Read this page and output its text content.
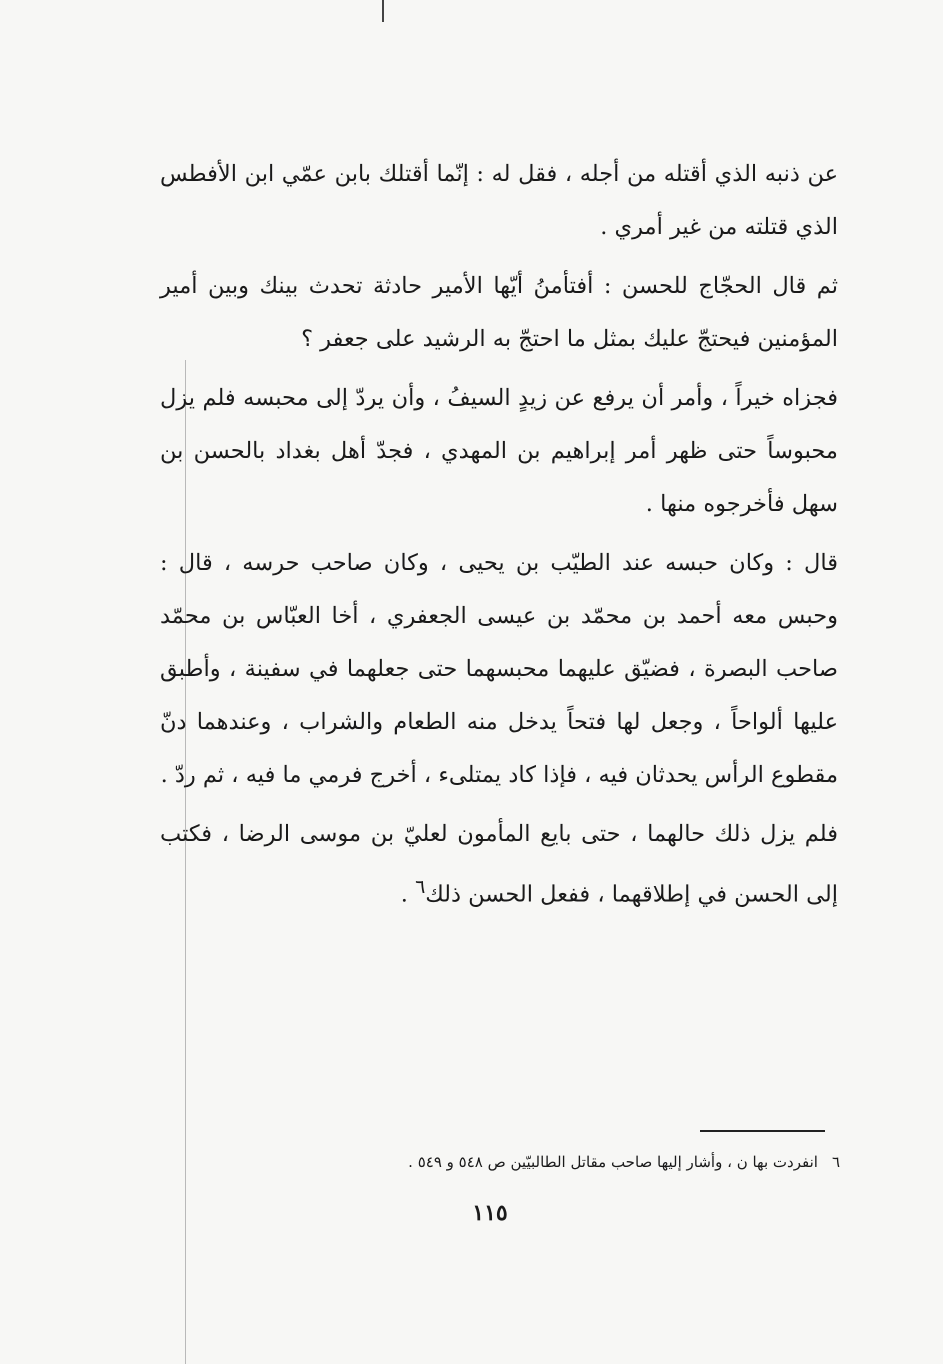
عن ذنبه الذي أقتله من أجله ، فقل له : إنّما أقتلك بابن عمّي ابن الأفطس الذي قتلته من غير أمري .

ثم قال الحجّاج للحسن : أفتأمنُ أيّها الأمير حادثة تحدث بينك وبين أمير المؤمنين فيحتجّ عليك بمثل ما احتجّ به الرشيد على جعفر ؟

فجزاه خيراً ، وأمر أن يرفع عن زيدٍ السيفُ ، وأن يردّ إلى محبسه فلم يزل محبوساً حتى ظهر أمر إبراهيم بن المهدي ، فجدّ أهل بغداد بالحسن بن سهل فأخرجوه منها .

قال : وكان حبسه عند الطيّب بن يحيى ، وكان صاحب حرسه ، قال : وحبس معه أحمد بن محمّد بن عيسى الجعفري ، أخا العبّاس بن محمّد صاحب البصرة ، فضيّق عليهما محبسهما حتى جعلهما في سفينة ، وأطبق عليها ألواحاً ، وجعل لها فتحاً يدخل منه الطعام والشراب ، وعندهما دنّ مقطوع الرأس يحدثان فيه ، فإذا كاد يمتلىء ، أخرج فرمي ما فيه ، ثم ردّ .

فلم يزل ذلك حالهما ، حتى بايع المأمون لعليّ بن موسى الرضا ، فكتب إلى الحسن في إطلاقهما ، ففعل الحسن ذلك$^٦$ .

٦انفردت بها ن ، وأشار إليها صاحب مقاتل الطالبيّين ص ٥٤٨ و ٥٤٩ .
١١٥
